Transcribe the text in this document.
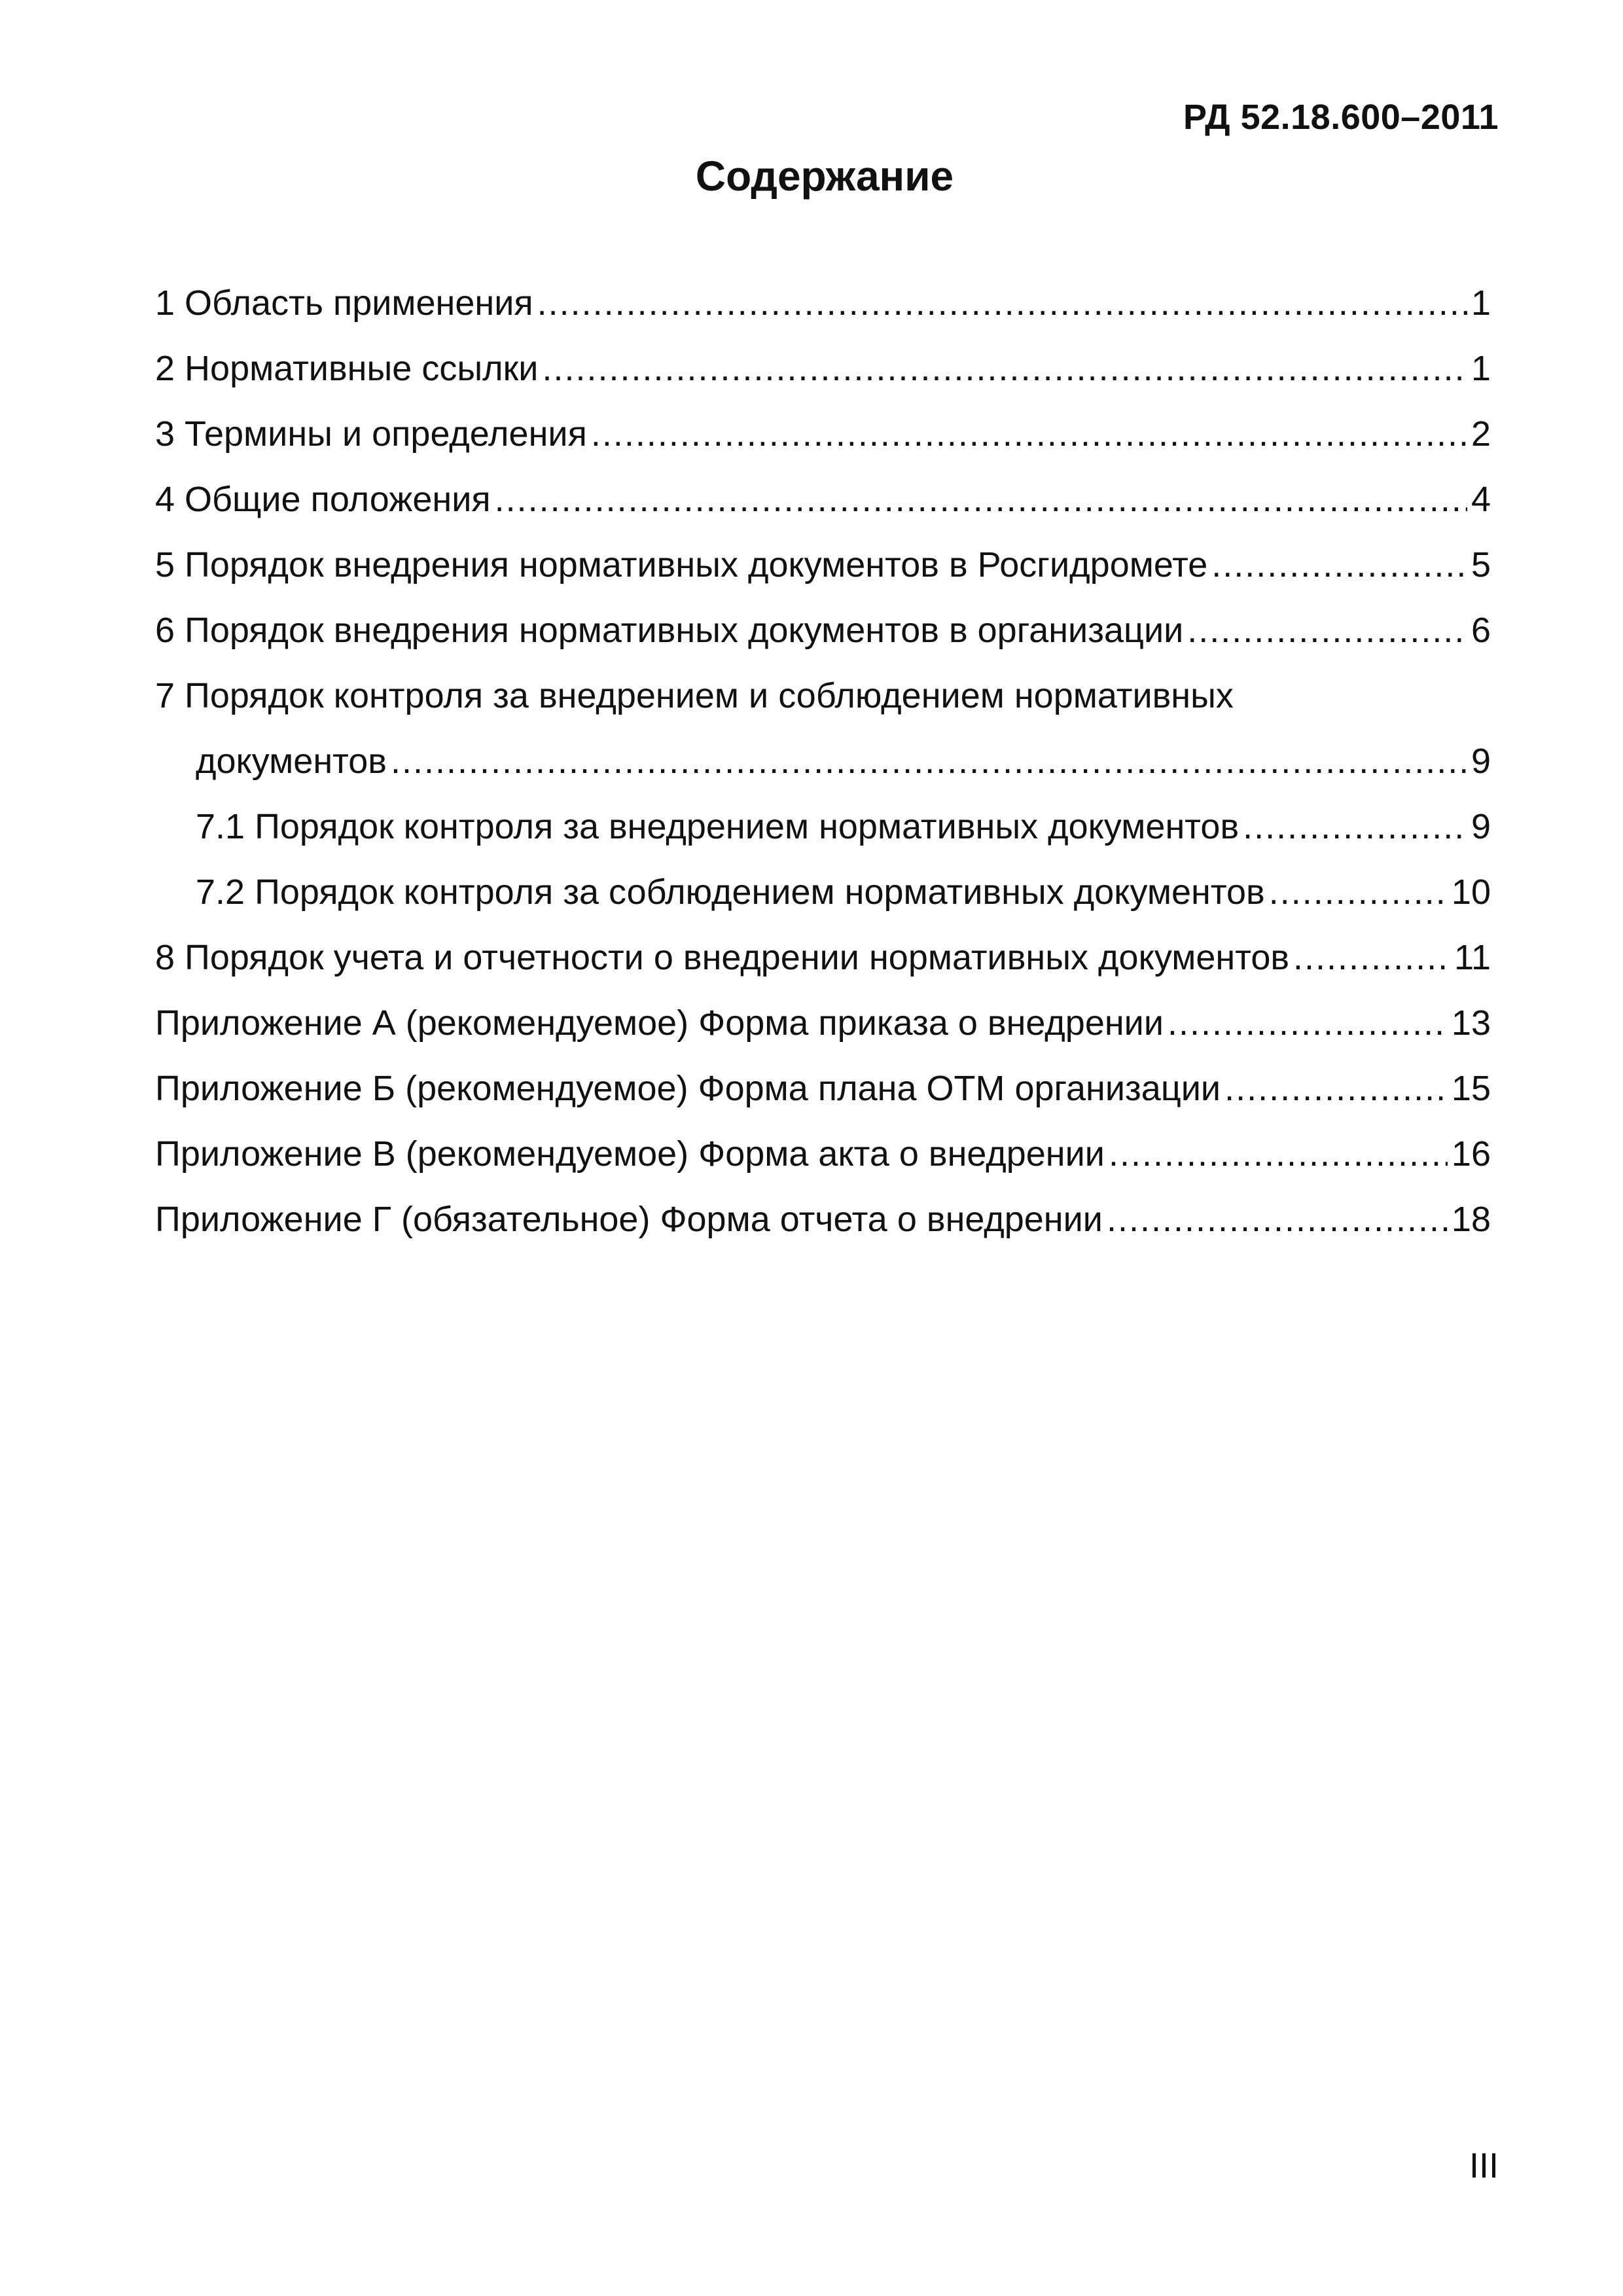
РД 52.18.600–2011
Содержание
1 Область применения .....	1
2 Нормативные ссылки .....	1
3 Термины и определения .....	2
4 Общие положения .....	4
5 Порядок внедрения нормативных документов в Росгидромете .....	5
6 Порядок внедрения нормативных документов в организации .....	6
7 Порядок контроля за внедрением и соблюдением нормативных
документов .....	9
7.1 Порядок контроля за внедрением нормативных документов .....	9
7.2 Порядок контроля за соблюдением нормативных документов .....	10
8 Порядок учета и отчетности о внедрении нормативных документов .....	11
Приложение А (рекомендуемое) Форма приказа о внедрении .....	13
Приложение Б (рекомендуемое) Форма плана ОТМ организации .....	15
Приложение В (рекомендуемое) Форма акта о внедрении .....	16
Приложение Г (обязательное) Форма отчета о внедрении .....	18
III
